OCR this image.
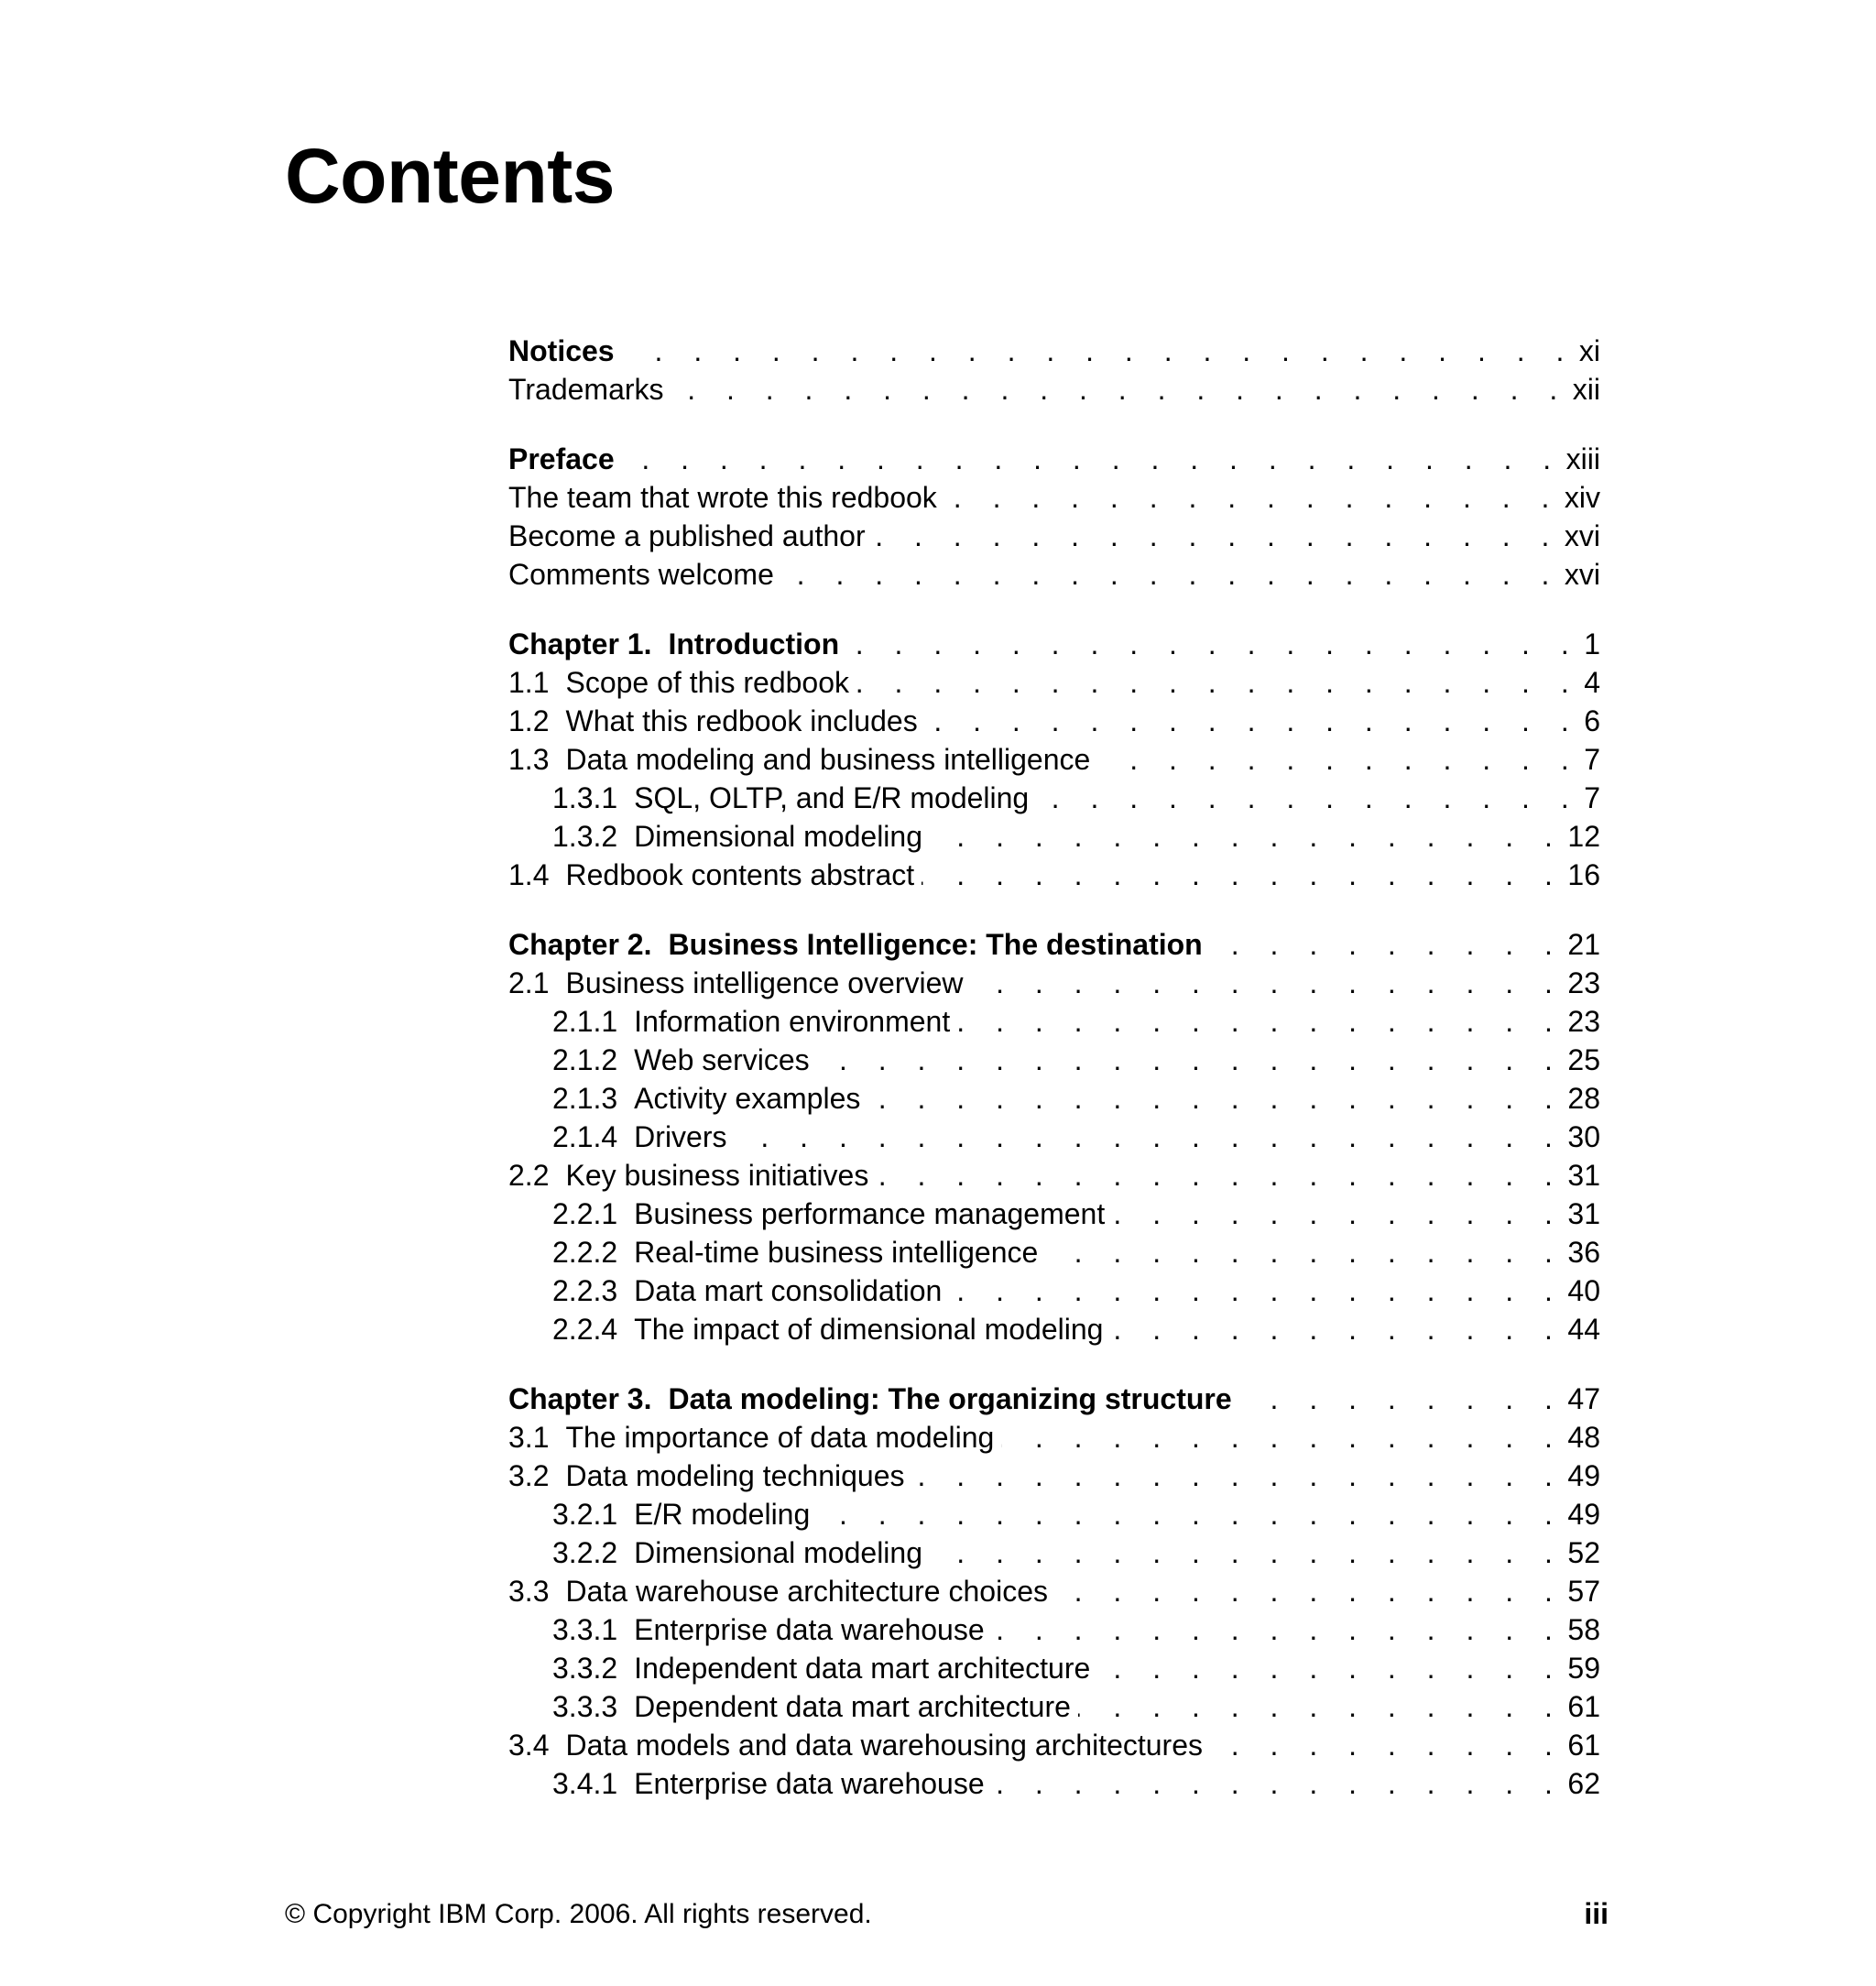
Contents
Notices . . .	xi
Trademarks . . .	xii
Preface . . .	xiii
The team that wrote this redbook . . .	xiv
Become a published author . . .	xvi
Comments welcome . . .	xvi
Chapter 1. Introduction . . .	1
1.1 Scope of this redbook . . .	4
1.2 What this redbook includes . . .	6
1.3 Data modeling and business intelligence . . .	7
1.3.1 SQL, OLTP, and E/R modeling . . .	7
1.3.2 Dimensional modeling . . .	12
1.4 Redbook contents abstract . . .	16
Chapter 2. Business Intelligence: The destination . . .	21
2.1 Business intelligence overview . . .	23
2.1.1 Information environment . . .	23
2.1.2 Web services . . .	25
2.1.3 Activity examples . . .	28
2.1.4 Drivers . . .	30
2.2 Key business initiatives . . .	31
2.2.1 Business performance management . . .	31
2.2.2 Real-time business intelligence . . .	36
2.2.3 Data mart consolidation . . .	40
2.2.4 The impact of dimensional modeling . . .	44
Chapter 3. Data modeling: The organizing structure . . .	47
3.1 The importance of data modeling . . .	48
3.2 Data modeling techniques . . .	49
3.2.1 E/R modeling . . .	49
3.2.2 Dimensional modeling . . .	52
3.3 Data warehouse architecture choices . . .	57
3.3.1 Enterprise data warehouse . . .	58
3.3.2 Independent data mart architecture . . .	59
3.3.3 Dependent data mart architecture . . .	61
3.4 Data models and data warehousing architectures . . .	61
3.4.1 Enterprise data warehouse . . .	62
© Copyright IBM Corp. 2006. All rights reserved.	iii
